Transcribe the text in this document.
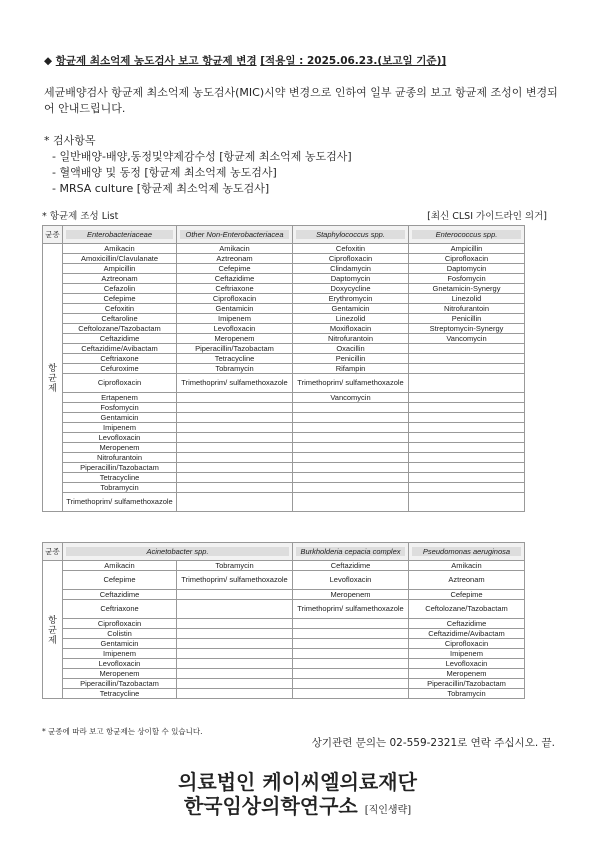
◆ 항균제 최소억제 농도검사 보고 항균제 변경 [적용일 : 2025.06.23.(보고일 기준)]
세균배양검사 항균제 최소억제 농도검사(MIC)시약 변경으로 인하여 일부 균종의 보고 항균제 조성이 변경되어 안내드립니다.
* 검사항목
- 일반배양-배양,동정및약제감수성 [항균제 최소억제 농도검사]
- 혈액배양 및 동정 [항균제 최소억제 농도검사]
- MRSA culture [항균제 최소억제 농도검사]
* 항균제 조성 List	[최신 CLSI 가이드라인 의거]
균종	Enterobacteriaceae	Other Non-Enterobacteriacea	Staphylococcus spp.	Enterococcus spp.

항균제	Amikacin	Amikacin	Cefoxitin	Ampicillin
	Amoxicillin/Clavulanate	Aztreonam	Ciprofloxacin	Ciprofloxacin
	Ampicillin	Cefepime	Clindamycin	Daptomycin
	Aztreonam	Ceftazidime	Daptomycin	Fosfomycin
	Cefazolin	Ceftriaxone	Doxycycline	Gnetamicin-Synergy
	Cefepime	Ciprofloxacin	Erythromycin	Linezolid
	Cefoxitin	Gentamicin	Gentamicin	Nitrofurantoin
	Ceftaroline	Imipenem	Linezolid	Penicillin
	Ceftolozane/Tazobactam	Levofloxacin	Moxifloxacin	Streptomycin-Synergy
	Ceftazidime	Meropenem	Nitrofurantoin	Vancomycin
	Ceftazidime/Avibactam	Piperacillin/Tazobactam	Oxacillin	
	Ceftriaxone	Tetracycline	Penicillin	
	Cefuroxime	Tobramycin	Rifampin	
	Ciprofloxacin	Trimethoprim/ sulfamethoxazole	Trimethoprim/ sulfamethoxazole	
	Ertapenem		Vancomycin	
	Fosfomycin			
	Gentamicin			
	Imipenem			
	Levofloxacin			
	Meropenem			
	Nitrofurantoin			
	Piperacillin/Tazobactam			
	Tetracycline			
	Tobramycin			
	Trimethoprim/ sulfamethoxazole			
균종	Acinetobacter spp.		Burkholderia cepacia complex	Pseudomonas aeruginosa

항균제	Amikacin	Tobramycin	Ceftazidime	Amikacin
	Cefepime	Trimethoprim/ sulfamethoxazole	Levofloxacin	Aztreonam
	Ceftazidime		Meropenem	Cefepime
	Ceftriaxone		Trimethoprim/ sulfamethoxazole	Ceftolozane/Tazobactam
	Ciprofloxacin			Ceftazidime
	Colistin			Ceftazidime/Avibactam
	Gentamicin			Ciprofloxacin
	Imipenem			Imipenem
	Levofloxacin			Levofloxacin
	Meropenem			Meropenem
	Piperacillin/Tazobactam			Piperacillin/Tazobactam
	Tetracycline			Tobramycin
* 균종에 따라 보고 항균제는 상이할 수 있습니다.
상기관련 문의는 02-559-2321로 연락 주십시오. 끝.
의료법인 케이씨엘의료재단
한국임상의학연구소 [직인생략]
